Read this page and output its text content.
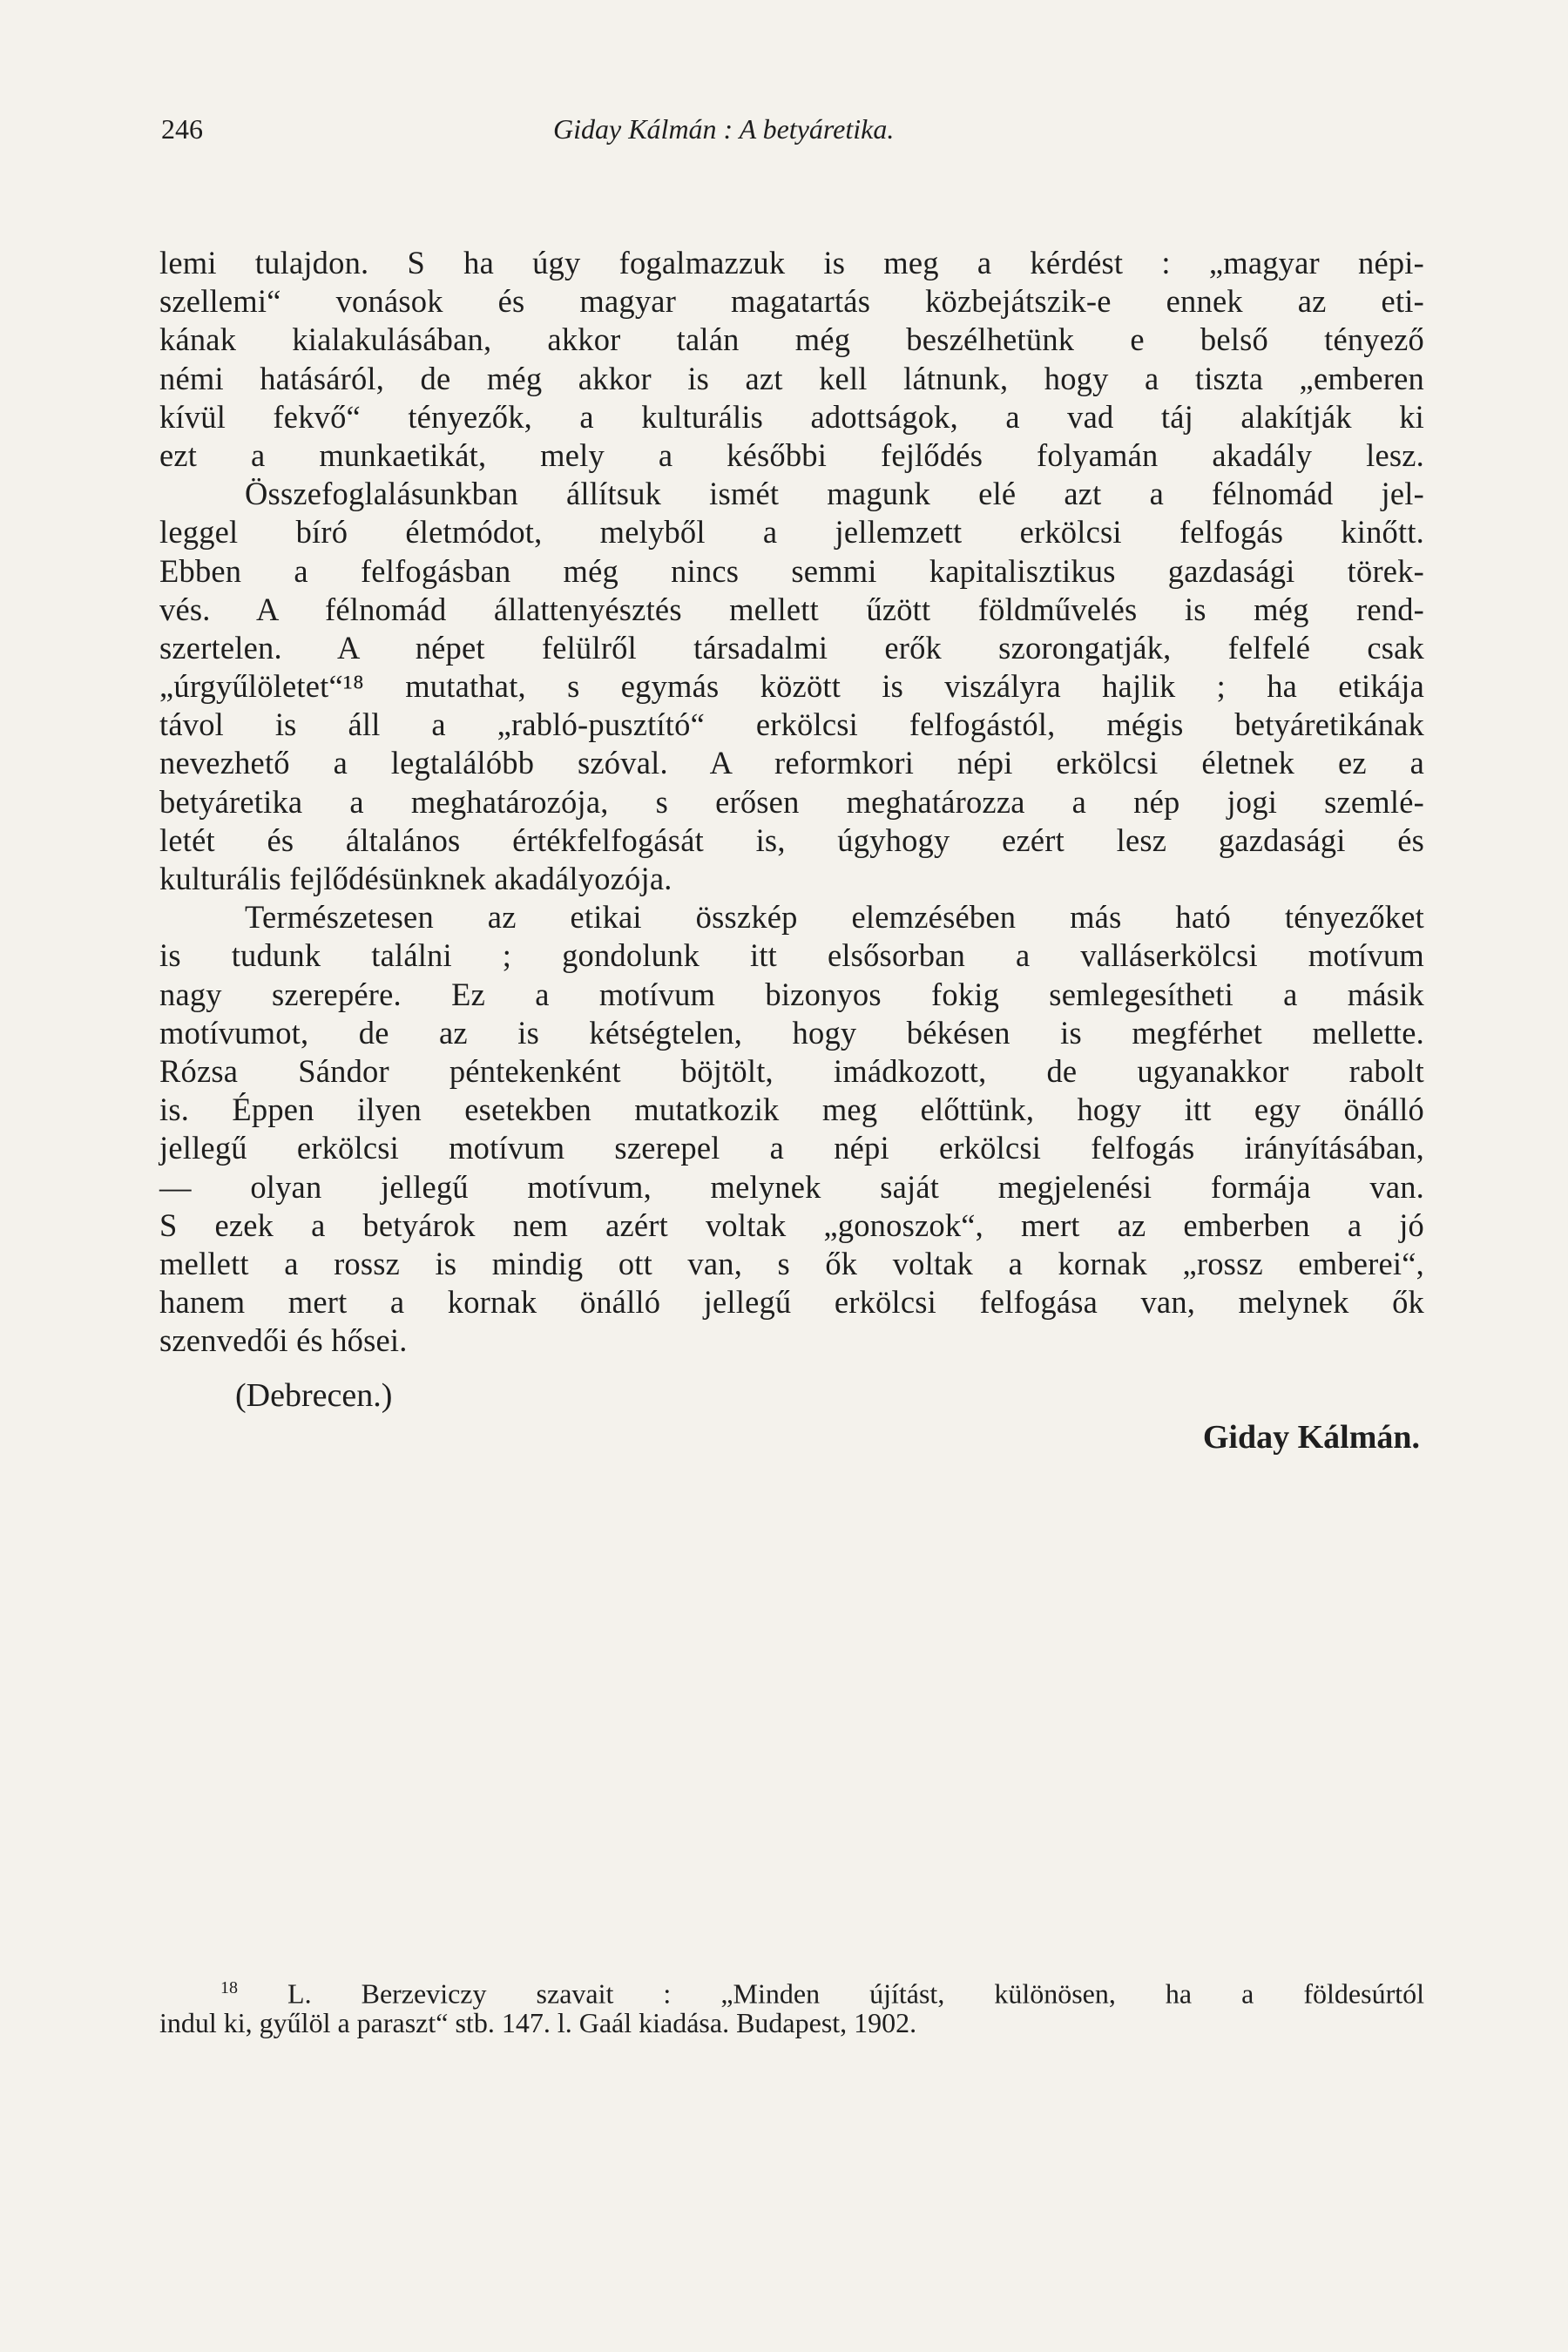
246	Giday Kálmán : A betyáretika.
lemi tulajdon. S ha úgy fogalmazzuk is meg a kérdést : „magyar népi-
szellemi“ vonások és magyar magatartás közbejátszik-e ennek az eti-
kának kialakulásában, akkor talán még beszélhetünk e belső tényező
némi hatásáról, de még akkor is azt kell látnunk, hogy a tiszta „emberen
kívül fekvő“ tényezők, a kulturális adottságok, a vad táj alakítják ki
ezt a munkaetikát, mely a későbbi fejlődés folyamán akadály lesz.
Összefoglalásunkban állítsuk ismét magunk elé azt a félnomád jel-
leggel bíró életmódot, melyből a jellemzett erkölcsi felfogás kinőtt.
Ebben a felfogásban még nincs semmi kapitalisztikus gazdasági törek-
vés. A félnomád állattenyésztés mellett űzött földművelés is még rend-
szertelen. A népet felülről társadalmi erők szorongatják, felfelé csak
„úrgyűlöletet“¹⁸ mutathat, s egymás között is viszályra hajlik ; ha etikája
távol is áll a „rabló-pusztító“ erkölcsi felfogástól, mégis betyáretikának
nevezhető a legtalálóbb szóval. A reformkori népi erkölcsi életnek ez a
betyáretika a meghatározója, s erősen meghatározza a nép jogi szemlé-
letét és általános értékfelfogását is, úgyhogy ezért lesz gazdasági és
kulturális fejlődésünknek akadályozója.
Természetesen az etikai összkép elemzésében más ható tényezőket
is tudunk találni ; gondolunk itt elsősorban a valláserkölcsi motívum
nagy szerepére. Ez a motívum bizonyos fokig semlegesítheti a másik
motívumot, de az is kétségtelen, hogy békésen is megférhet mellette.
Rózsa Sándor péntekenként böjtölt, imádkozott, de ugyanakkor rabolt
is. Éppen ilyen esetekben mutatkozik meg előttünk, hogy itt egy önálló
jellegű erkölcsi motívum szerepel a népi erkölcsi felfogás irányításában,
— olyan jellegű motívum, melynek saját megjelenési formája van.
S ezek a betyárok nem azért voltak „gonoszok“, mert az emberben a jó
mellett a rossz is mindig ott van, s ők voltak a kornak „rossz emberei“,
hanem mert a kornak önálló jellegű erkölcsi felfogása van, melynek ők
szenvedői és hősei.
(Debrecen.)
Giday Kálmán.
$^{18}$ L. Berzeviczy szavait : „Minden újítást, különösen, ha a földesúrtól
indul ki, gyűlöl a paraszt“ stb. 147. l. Gaál kiadása. Budapest, 1902.
